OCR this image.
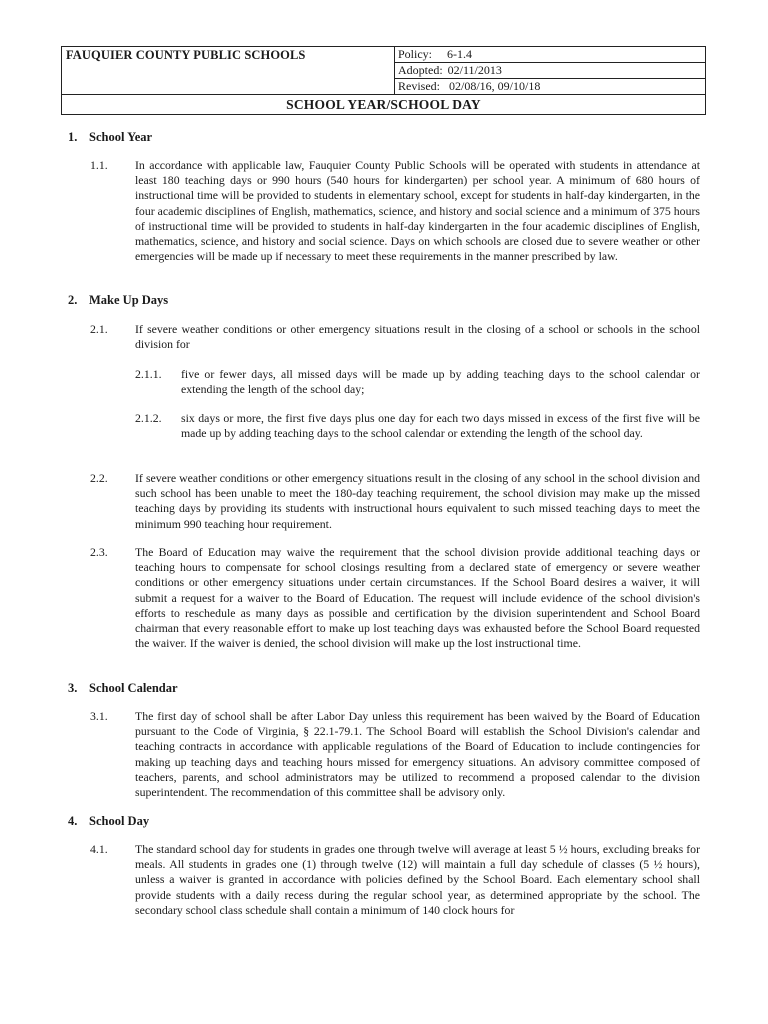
FAUQUIER COUNTY PUBLIC SCHOOLS	Policy: 6-1.4
Adopted: 02/11/2013
Revised: 02/08/16, 09/10/18
SCHOOL YEAR/SCHOOL DAY
1. School Year
1.1. In accordance with applicable law, Fauquier County Public Schools will be operated with students in attendance at least 180 teaching days or 990 hours (540 hours for kindergarten) per school year. A minimum of 680 hours of instructional time will be provided to students in elementary school, except for students in half-day kindergarten, in the four academic disciplines of English, mathematics, science, and history and social science and a minimum of 375 hours of instructional time will be provided to students in half-day kindergarten in the four academic disciplines of English, mathematics, science, and history and social science. Days on which schools are closed due to severe weather or other emergencies will be made up if necessary to meet these requirements in the manner prescribed by law.
2. Make Up Days
2.1. If severe weather conditions or other emergency situations result in the closing of a school or schools in the school division for
2.1.1. five or fewer days, all missed days will be made up by adding teaching days to the school calendar or extending the length of the school day;
2.1.2. six days or more, the first five days plus one day for each two days missed in excess of the first five will be made up by adding teaching days to the school calendar or extending the length of the school day.
2.2. If severe weather conditions or other emergency situations result in the closing of any school in the school division and such school has been unable to meet the 180-day teaching requirement, the school division may make up the missed teaching days by providing its students with instructional hours equivalent to such missed teaching days to meet the minimum 990 teaching hour requirement.
2.3. The Board of Education may waive the requirement that the school division provide additional teaching days or teaching hours to compensate for school closings resulting from a declared state of emergency or severe weather conditions or other emergency situations under certain circumstances. If the School Board desires a waiver, it will submit a request for a waiver to the Board of Education. The request will include evidence of the school division's efforts to reschedule as many days as possible and certification by the division superintendent and School Board chairman that every reasonable effort to make up lost teaching days was exhausted before the School Board requested the waiver. If the waiver is denied, the school division will make up the lost instructional time.
3. School Calendar
3.1. The first day of school shall be after Labor Day unless this requirement has been waived by the Board of Education pursuant to the Code of Virginia, § 22.1-79.1. The School Board will establish the School Division's calendar and teaching contracts in accordance with applicable regulations of the Board of Education to include contingencies for making up teaching days and teaching hours missed for emergency situations. An advisory committee composed of teachers, parents, and school administrators may be utilized to recommend a proposed calendar to the division superintendent. The recommendation of this committee shall be advisory only.
4. School Day
4.1. The standard school day for students in grades one through twelve will average at least 5 ½ hours, excluding breaks for meals. All students in grades one (1) through twelve (12) will maintain a full day schedule of classes (5 ½ hours), unless a waiver is granted in accordance with policies defined by the School Board. Each elementary school shall provide students with a daily recess during the regular school year, as determined appropriate by the school. The secondary school class schedule shall contain a minimum of 140 clock hours for
